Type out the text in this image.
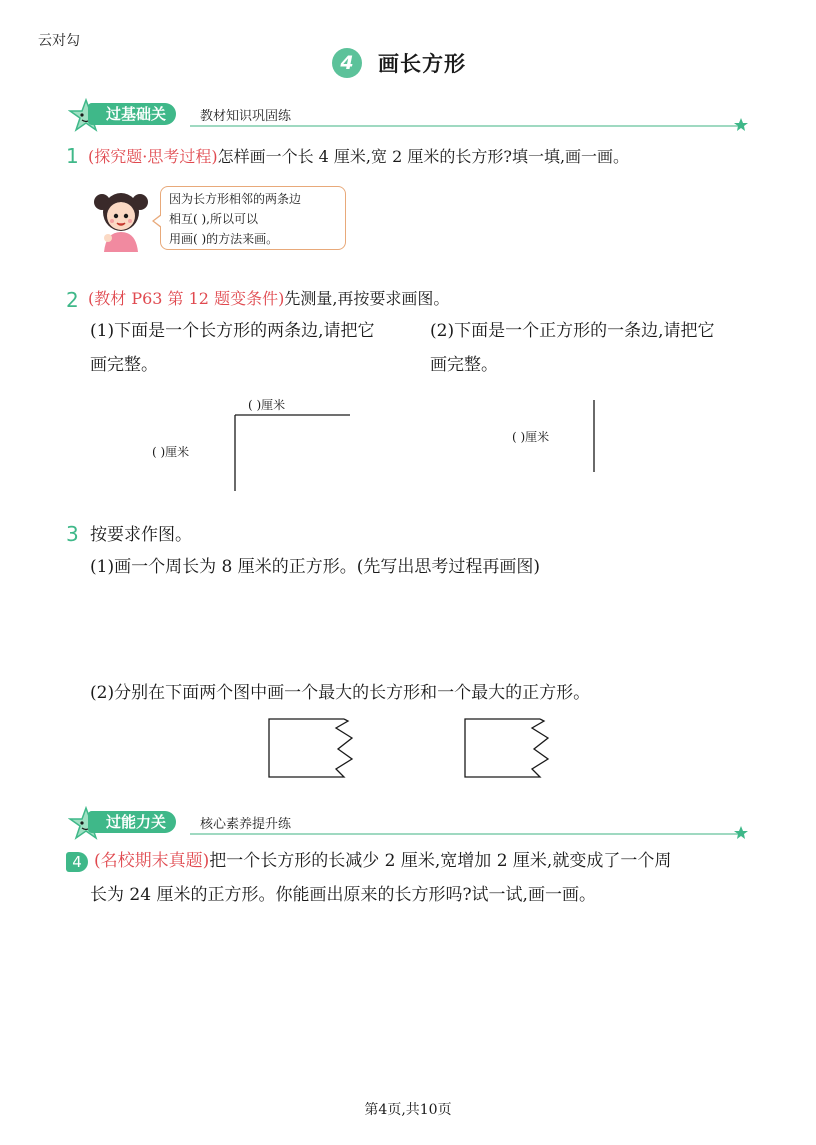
云对勾
4	画长方形
过基础关	教材知识巩固练
1 (探究题·思考过程)怎样画一个长 4 厘米,宽 2 厘米的长方形?填一填,画一画。
因为长方形相邻的两条边
相互( ),所以可以
用画( )的方法来画。
2 (教材 P63 第 12 题变条件)先测量,再按要求画图。
(1)下面是一个长方形的两条边,请把它
画完整。
(2)下面是一个正方形的一条边,请把它
画完整。
( )厘米
( )厘米
( )厘米
3 按要求作图。
(1)画一个周长为 8 厘米的正方形。(先写出思考过程再画图)
(2)分别在下面两个图中画一个最大的长方形和一个最大的正方形。
过能力关	核心素养提升练
4 (名校期末真题)把一个长方形的长减少 2 厘米,宽增加 2 厘米,就变成了一个周
长为 24 厘米的正方形。你能画出原来的长方形吗?试一试,画一画。
第4页,共10页
